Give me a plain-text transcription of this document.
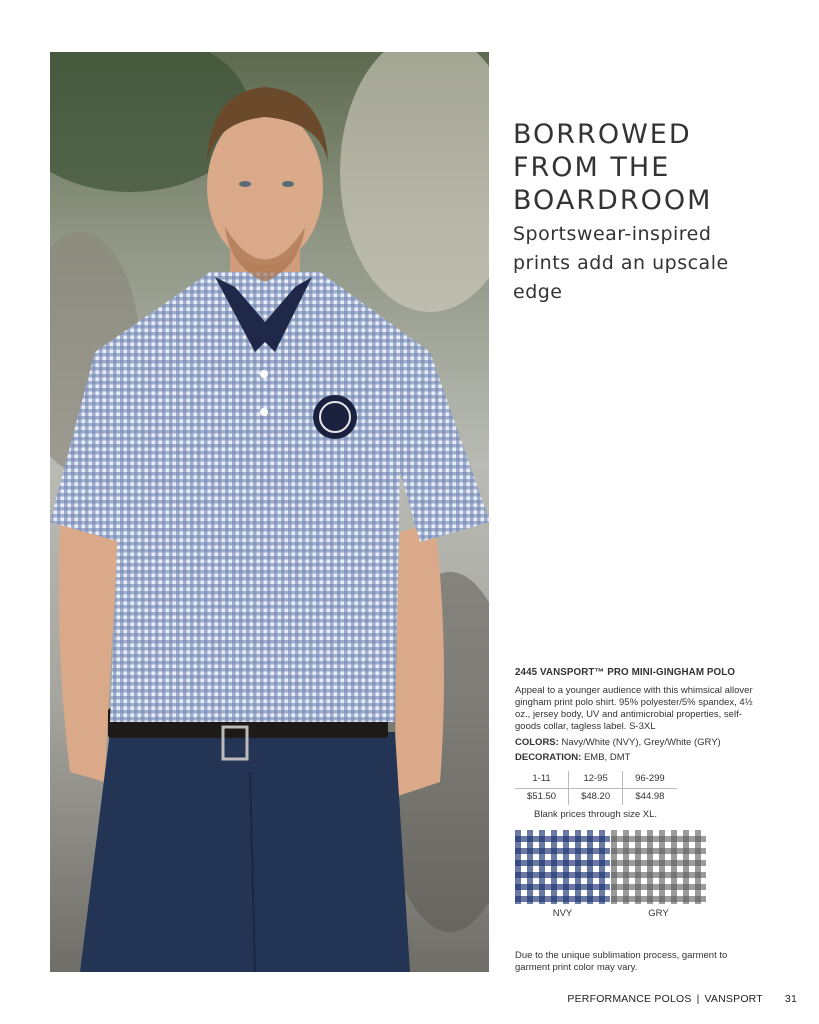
BORROWED
FROM THE
BOARDROOM

Sportswear-inspired
prints add an upscale
edge

2445 VANSPORT™ PRO MINI-GINGHAM POLO
Appeal to a younger audience with this whimsical allover gingham print polo shirt. 95% polyester/5% spandex, 4½ oz., jersey body, UV and antimicrobial properties, self-goods collar, tagless label. S-3XL
COLORS: Navy/White (NVY), Grey/White (GRY)
DECORATION: EMB, DMT
1-11	12-95	96-299
$51.50	$48.20	$44.98
Blank prices through size XL.
NVY	GRY
Due to the unique sublimation process, garment to garment print color may vary.
PERFORMANCE POLOS | VANSPORT 31
